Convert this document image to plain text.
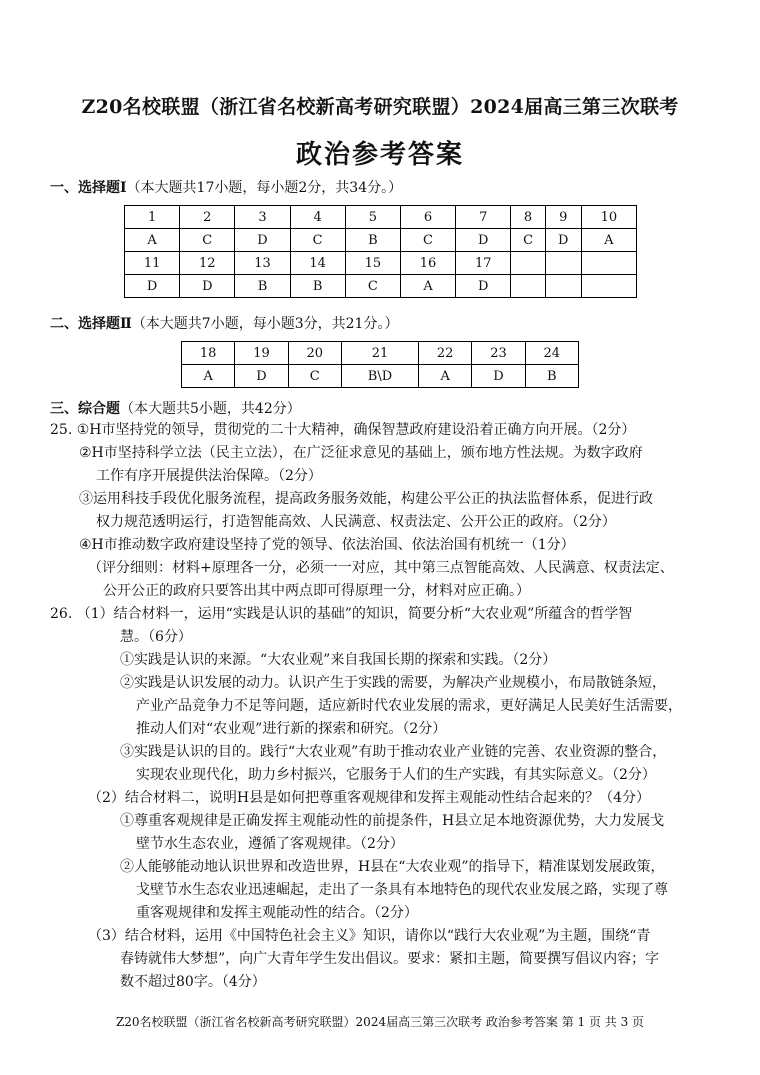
Z20名校联盟（浙江省名校新高考研究联盟）2024届高三第三次联考
政治参考答案
一、选择题Ⅰ（本大题共17小题，每小题2分，共34分。）
1	2	3	4	5	6	7	8	9	10
A	C	D	C	B	C	D	C	D	A
11	12	13	14	15	16	17			
D	D	B	B	C	A	D			
二、选择题Ⅱ（本大题共7小题，每小题3分，共21分。）
18	19	20	21	22	23	24
A	D	C	B\D	A	D	B
三、综合题（本大题共5小题，共42分）
25. ①H市坚持党的领导，贯彻党的二十大精神，确保智慧政府建设沿着正确方向开展。（2分）
②H市坚持科学立法（民主立法），在广泛征求意见的基础上，颁布地方性法规。为数字政府
工作有序开展提供法治保障。（2分）
③运用科技手段优化服务流程，提高政务服务效能，构建公平公正的执法监督体系，促进行政
权力规范透明运行，打造智能高效、人民满意、权责法定、公开公正的政府。（2分）
④H市推动数字政府建设坚持了党的领导、依法治国、依法治国有机统一（1分）
（评分细则：材料+原理各一分，必须一一对应，其中第三点智能高效、人民满意、权责法定、
公开公正的政府只要答出其中两点即可得原理一分，材料对应正确。）
26. （1）结合材料一，运用“实践是认识的基础”的知识，简要分析“大农业观”所蕴含的哲学智
慧。（6分）
①实践是认识的来源。“大农业观”来自我国长期的探索和实践。（2分）
②实践是认识发展的动力。认识产生于实践的需要，为解决产业规模小，布局散链条短，
产业产品竞争力不足等问题，适应新时代农业发展的需求，更好满足人民美好生活需要，
推动人们对“农业观”进行新的探索和研究。（2分）
③实践是认识的目的。践行“大农业观”有助于推动农业产业链的完善、农业资源的整合，
实现农业现代化，助力乡村振兴，它服务于人们的生产实践，有其实际意义。（2分）
（2）结合材料二，说明H县是如何把尊重客观规律和发挥主观能动性结合起来的？（4分）
①尊重客观规律是正确发挥主观能动性的前提条件，H县立足本地资源优势，大力发展戈
壁节水生态农业，遵循了客观规律。（2分）
②人能够能动地认识世界和改造世界，H县在“大农业观”的指导下，精准谋划发展政策，
戈壁节水生态农业迅速崛起，走出了一条具有本地特色的现代农业发展之路，实现了尊
重客观规律和发挥主观能动性的结合。（2分）
（3）结合材料，运用《中国特色社会主义》知识，请你以“践行大农业观”为主题，围绕“青
春铸就伟大梦想”，向广大青年学生发出倡议。要求：紧扣主题，简要撰写倡议内容；字
数不超过80字。（4分）
Z20名校联盟（浙江省名校新高考研究联盟）2024届高三第三次联考 政治参考答案 第 1 页 共 3 页
